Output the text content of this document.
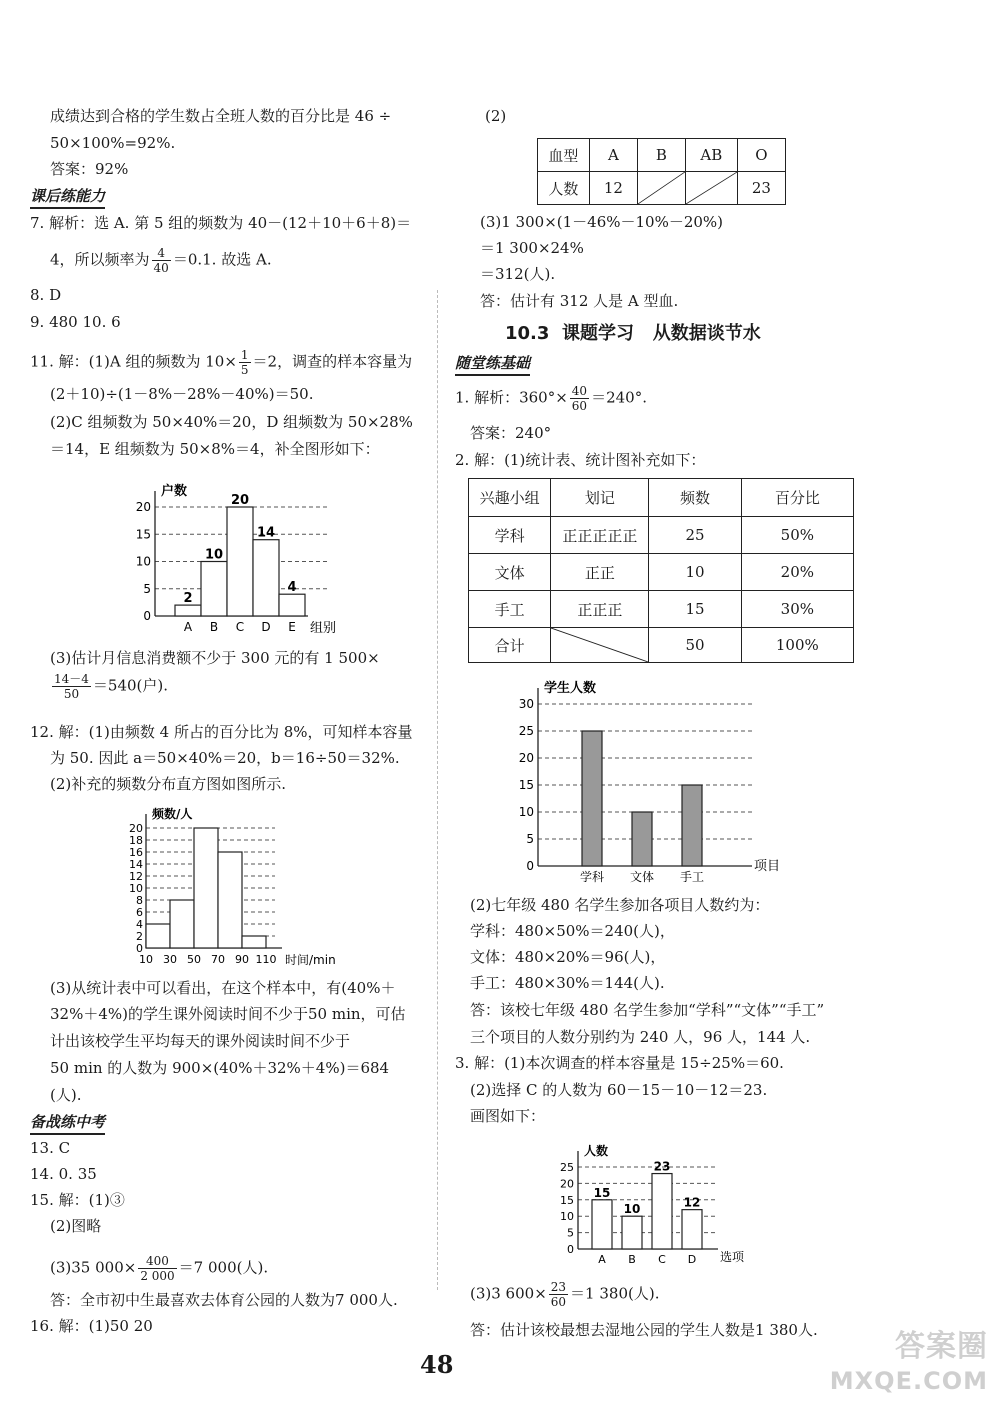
成绩达到合格的学生数占全班人数的百分比是 46 ÷
50×100%=92%.
答案：92%
课后练能力
7. 解析：选 A. 第 5 组的频数为 40－(12＋10＋6＋8)＝
4，所以频率为 $\frac{4}{40} =0.1$. 故选 A.
8. D
9. 480 10. 6
11. 解：(1)A 组的频数为 $10\times \frac{1}{5} =2$，调查的样本容量为
(2＋10)÷(1－8%－28%－40%)＝50.
(2)C 组频数为 50×40%＝20，D 组频数为 50×28%
＝14，E 组频数为 50×8%＝4，补全图形如下：
0
5
10
15
20
户数
组别
A
2
B
10
C
20
D
14
E
4
(3)估计月信息消费额不少于 300 元的有 1 500×
$\frac{14-4}{50} =540$(户).
12. 解：(1)由频数 4 所占的百分比为 8%，可知样本容量
为 50. 因此 a＝50×40%＝20，b＝16÷50＝32%.
(2)补充的频数分布直方图如图所示.
0
2
4
6
8
10
12
14
16
18
20
频数/人
时间/min
10 30 50 70 90 110
(3)从统计表中可以看出，在这个样本中，有(40%＋
32%＋4%)的学生课外阅读时间不少于50 min，可估
计出该校学生平均每天的课外阅读时间不少于
50 min 的人数为 900×(40%＋32%＋4%)＝684
(人).
备战练中考
13. C
14. 0. 35
15. 解：(1)③
(2)图略
(3)35 $000\times \frac{400}{2 000} =7$ 000(人).
答：全市初中生最喜欢去体育公园的人数为7 000人.
16. 解：(1)50 20
(2)
血型	A	B	AB	O
人数	12			23
(3)1 300×(1－46%－10%－20%)
＝1 300×24%
＝312(人).
答：估计有 312 人是 A 型血.
10.3  课题学习   从数据谈节水
随堂练基础
1. 解析：$360^\circ\times \frac{40}{60} =240^\circ$.
答案：240°
2. 解：(1)统计表、统计图补充如下：
兴趣小组	划记	频数	百分比
学科	正正正正正	25	50%
文体	正正	10	20%
手工	正正正	15	30%
合计		50	100%
0
5
10
15
20
25
30
学生人数
项目
学科 文体 手工
(2)七年级 480 名学生参加各项目人数约为：
学科：480×50%＝240(人)，
文体：480×20%＝96(人)，
手工：480×30%＝144(人).
答：该校七年级 480 名学生参加“学科”“文体”“手工”
三个项目的人数分别约为 240 人，96 人，144 人.
3. 解：(1)本次调查的样本容量是 15÷25%＝60.
(2)选择 C 的人数为 60－15－10－12＝23.
画图如下：
0
5
10
15
20
25
人数
选项
A
15
B
10
C
23
D
12
(3)3 $600\times \frac{23}{60} =1$ 380(人).
答：估计该校最想去湿地公园的学生人数是1 380人.
48
答案圈
MXQE.COM
